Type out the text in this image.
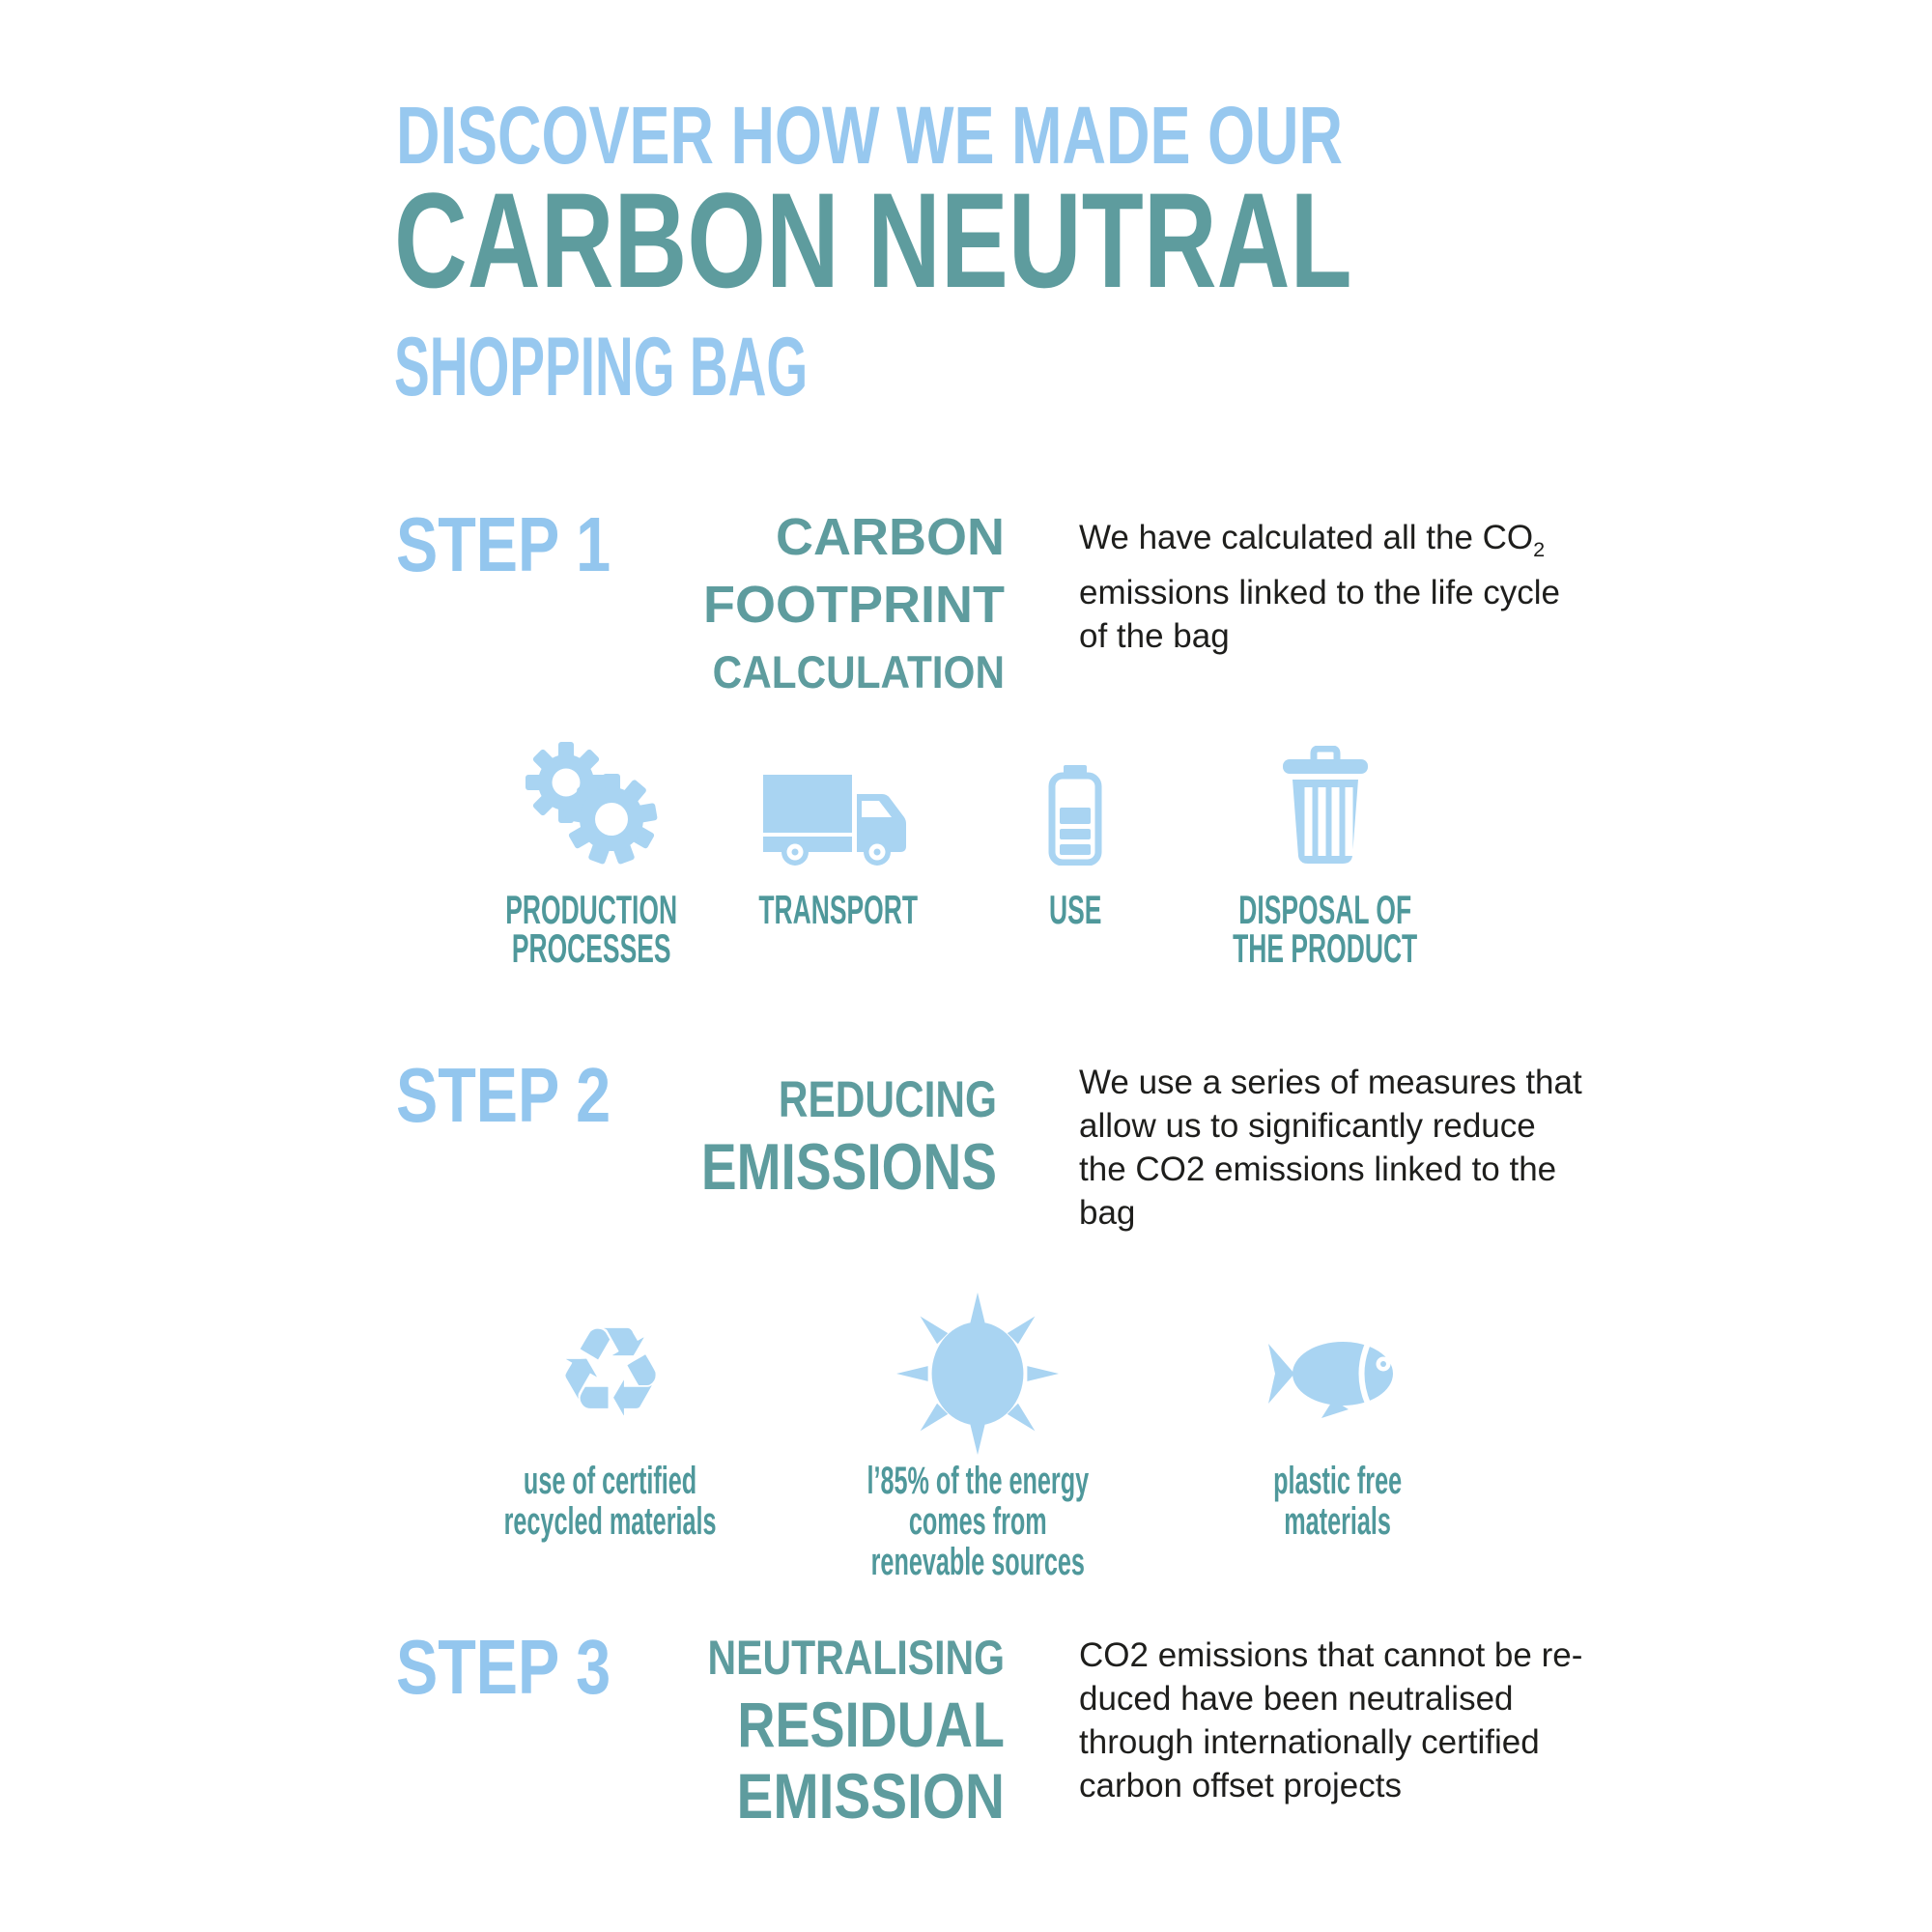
DISCOVER HOW WE MADE OUR
CARBON NEUTRAL
SHOPPING BAG
STEP 1	CARBON
FOOTPRINT
CALCULATION
We have calculated all the $CO_2$
emissions linked to the life cycle
of the bag
PRODUCTION
PROCESSES
TRANSPORT	USE	DISPOSAL OF
THE PRODUCT
STEP 2	REDUCING
EMISSIONS
We use a series of measures that
allow us to significantly reduce
the CO2 emissions linked to the
bag
♻
use of certified
recycled materials
l’85% of the energy
comes from
renevable sources
plastic free
materials
STEP 3	NEUTRALISING
RESIDUAL
EMISSION
CO2 emissions that cannot be re-
duced have been neutralised
through internationally certified
carbon offset projects
